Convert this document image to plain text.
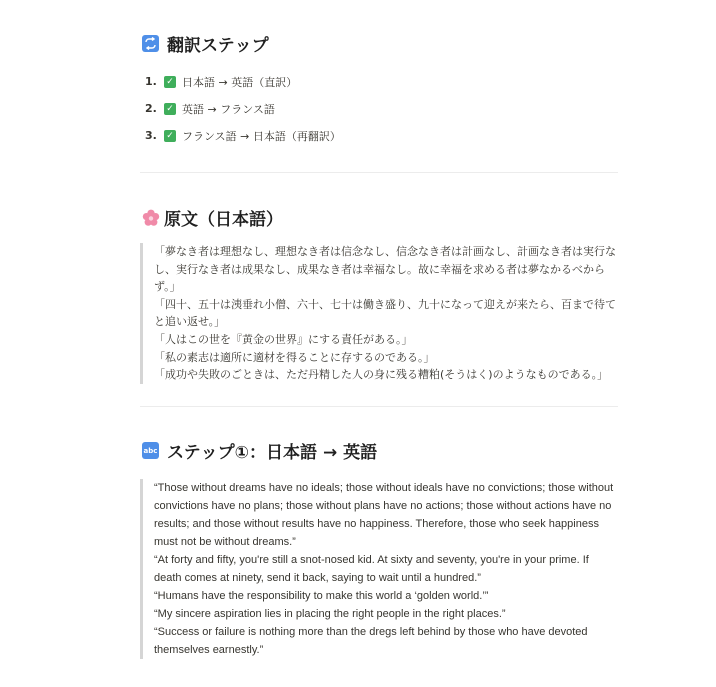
翻訳ステップ
1.	✓ 日本語 → 英語（直訳）
2.	✓ 英語 → フランス語
3.	✓ フランス語 → 日本語（再翻訳）
原文（日本語）

「夢なき者は理想なし、理想なき者は信念なし、信念なき者は計画なし、計画なき者は実行なし、実行なき者は成果なし、成果なき者は幸福なし。故に幸福を求める者は夢なかるべからず。」

「四十、五十は洟垂れ小僧、六十、七十は働き盛り、九十になって迎えが来たら、百まで待てと追い返せ。」

「人はこの世を『黄金の世界』にする責任がある。」

「私の素志は適所に適材を得ることに存するのである。」

「成功や失敗のごときは、ただ丹精した人の身に残る糟粕(そうはく)のようなものである。」

abc ステップ①：日本語 → 英語

“Those without dreams have no ideals; those without ideals have no convictions; those without convictions have no plans; those without plans have no actions; those without actions have no results; and those without results have no happiness. Therefore, those who seek happiness must not be without dreams.”

“At forty and fifty, you're still a snot-nosed kid. At sixty and seventy, you're in your prime. If death comes at ninety, send it back, saying to wait until a hundred.”

“Humans have the responsibility to make this world a ‘golden world.’”

“My sincere aspiration lies in placing the right people in the right places.”

“Success or failure is nothing more than the dregs left behind by those who have devoted themselves earnestly.”
